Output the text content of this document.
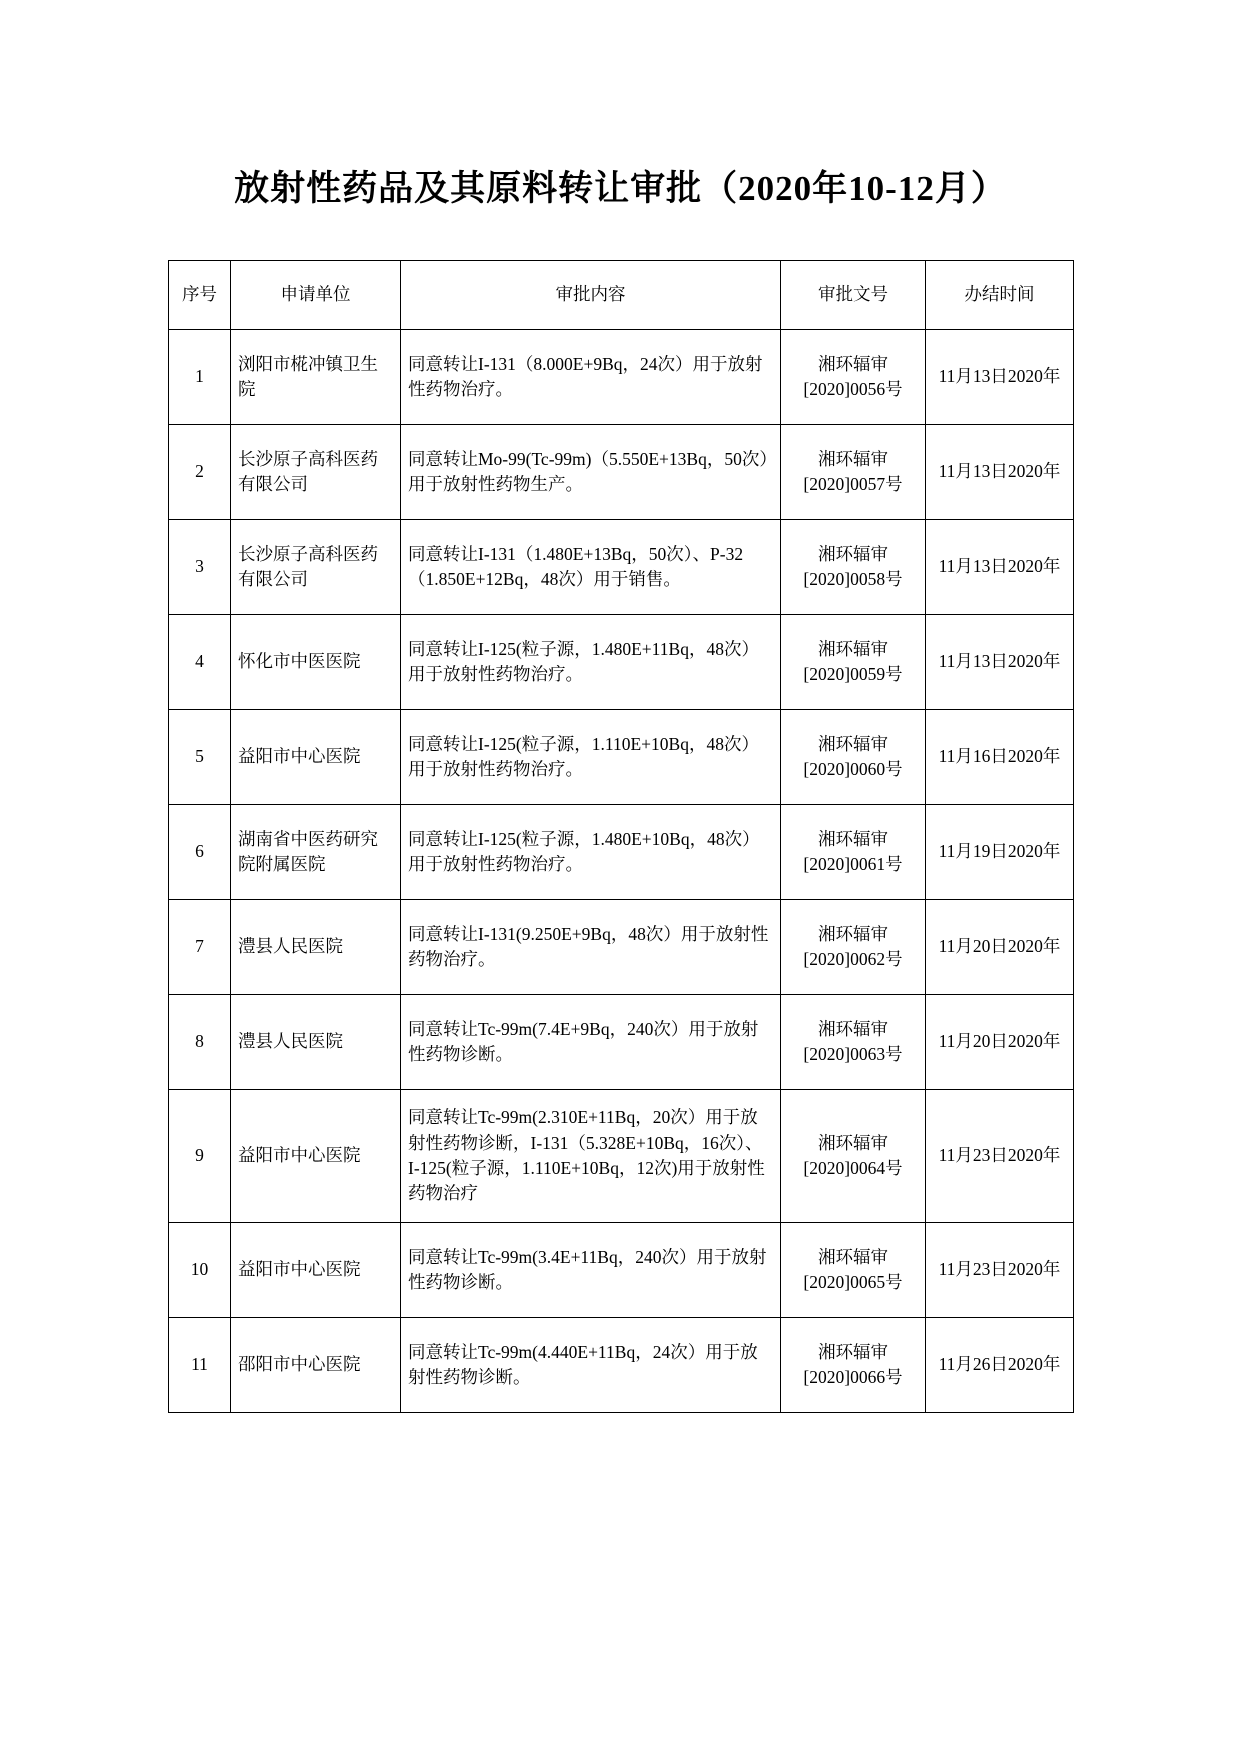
放射性药品及其原料转让审批（2020年10-12月）
序号	申请单位	审批内容	审批文号	办结时间
1	浏阳市椛冲镇卫生院	同意转让I-131（8.000E+9Bq，24次）用于放射性药物治疗。	湘环辐审[2020]0056号	11月13日2020年
2	长沙原子高科医药有限公司	同意转让Mo-99(Tc-99m)（5.550E+13Bq，50次）用于放射性药物生产。	湘环辐审[2020]0057号	11月13日2020年
3	长沙原子高科医药有限公司	同意转让I-131（1.480E+13Bq，50次）、P-32（1.850E+12Bq，48次）用于销售。	湘环辐审[2020]0058号	11月13日2020年
4	怀化市中医医院	同意转让I-125(粒子源，1.480E+11Bq，48次）用于放射性药物治疗。	湘环辐审[2020]0059号	11月13日2020年
5	益阳市中心医院	同意转让I-125(粒子源，1.110E+10Bq，48次）用于放射性药物治疗。	湘环辐审[2020]0060号	11月16日2020年
6	湖南省中医药研究院附属医院	同意转让I-125(粒子源，1.480E+10Bq，48次）用于放射性药物治疗。	湘环辐审[2020]0061号	11月19日2020年
7	澧县人民医院	同意转让I-131(9.250E+9Bq，48次）用于放射性药物治疗。	湘环辐审[2020]0062号	11月20日2020年
8	澧县人民医院	同意转让Tc-99m(7.4E+9Bq，240次）用于放射性药物诊断。	湘环辐审[2020]0063号	11月20日2020年
9	益阳市中心医院	同意转让Tc-99m(2.310E+11Bq，20次）用于放射性药物诊断，I-131（5.328E+10Bq，16次）、I-125(粒子源，1.110E+10Bq，12次)用于放射性药物治疗	湘环辐审[2020]0064号	11月23日2020年
10	益阳市中心医院	同意转让Tc-99m(3.4E+11Bq，240次）用于放射性药物诊断。	湘环辐审[2020]0065号	11月23日2020年
11	邵阳市中心医院	同意转让Tc-99m(4.440E+11Bq，24次）用于放射性药物诊断。	湘环辐审[2020]0066号	11月26日2020年
